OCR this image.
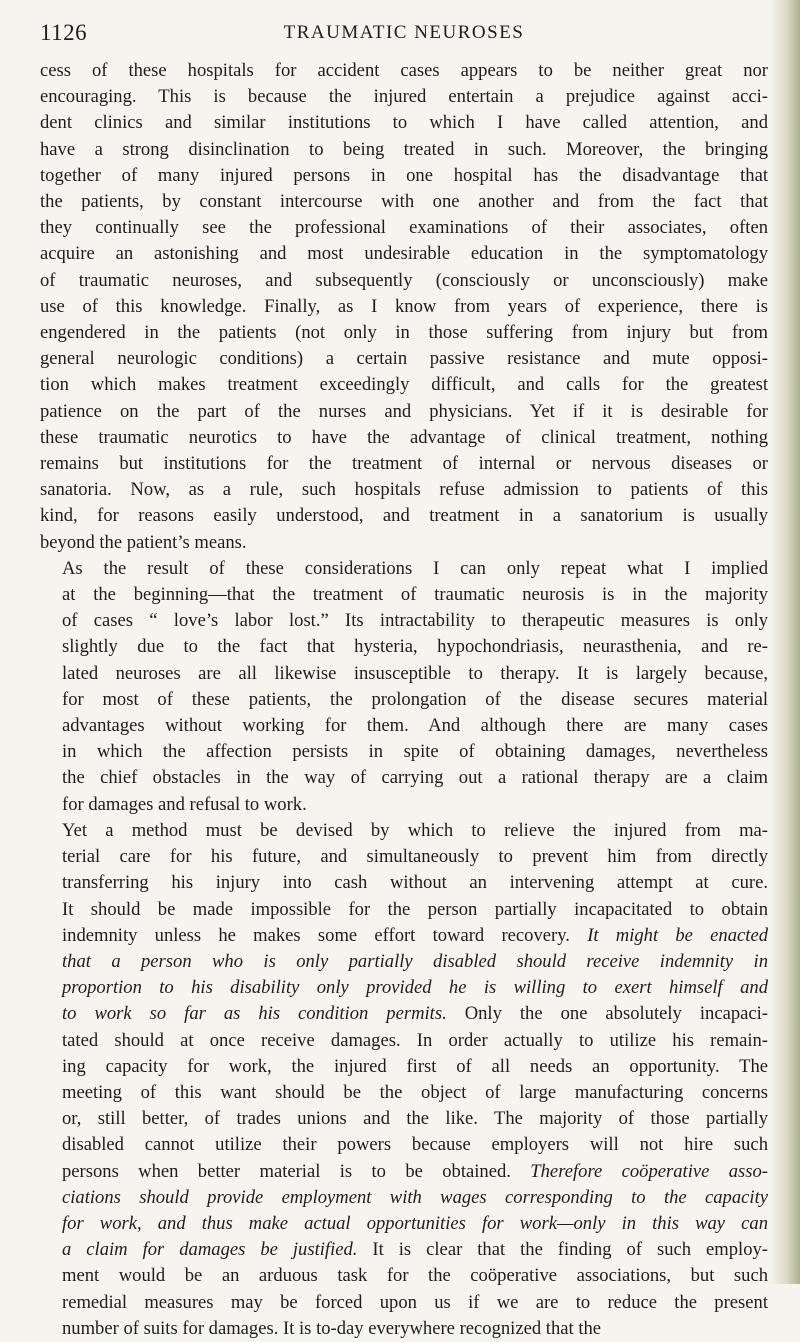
1126	TRAUMATIC NEUROSES

cess of these hospitals for accident cases appears to be neither great nor
encouraging. This is because the injured entertain a prejudice against acci-
dent clinics and similar institutions to which I have called attention, and
have a strong disinclination to being treated in such. Moreover, the bringing
together of many injured persons in one hospital has the disadvantage that
the patients, by constant intercourse with one another and from the fact that
they continually see the professional examinations of their associates, often
acquire an astonishing and most undesirable education in the symptomatology
of traumatic neuroses, and subsequently (consciously or unconsciously) make
use of this knowledge. Finally, as I know from years of experience, there is
engendered in the patients (not only in those suffering from injury but from
general neurologic conditions) a certain passive resistance and mute opposi-
tion which makes treatment exceedingly difficult, and calls for the greatest
patience on the part of the nurses and physicians. Yet if it is desirable for
these traumatic neurotics to have the advantage of clinical treatment, nothing
remains but institutions for the treatment of internal or nervous diseases or
sanatoria. Now, as a rule, such hospitals refuse admission to patients of this
kind, for reasons easily understood, and treatment in a sanatorium is usually
beyond the patient’s means.

As the result of these considerations I can only repeat what I implied
at the beginning—that the treatment of traumatic neurosis is in the majority
of cases “ love’s labor lost.” Its intractability to therapeutic measures is only
slightly due to the fact that hysteria, hypochondriasis, neurasthenia, and re-
lated neuroses are all likewise insusceptible to therapy. It is largely because,
for most of these patients, the prolongation of the disease secures material
advantages without working for them. And although there are many cases
in which the affection persists in spite of obtaining damages, nevertheless
the chief obstacles in the way of carrying out a rational therapy are a claim
for damages and refusal to work.

Yet a method must be devised by which to relieve the injured from ma-
terial care for his future, and simultaneously to prevent him from directly
transferring his injury into cash without an intervening attempt at cure.
It should be made impossible for the person partially incapacitated to obtain
indemnity unless he makes some effort toward recovery. It might be enacted
that a person who is only partially disabled should receive indemnity in
proportion to his disability only provided he is willing to exert himself and
to work so far as his condition permits. Only the one absolutely incapaci-
tated should at once receive damages. In order actually to utilize his remain-
ing capacity for work, the injured first of all needs an opportunity. The
meeting of this want should be the object of large manufacturing concerns
or, still better, of trades unions and the like. The majority of those partially
disabled cannot utilize their powers because employers will not hire such
persons when better material is to be obtained. Therefore coöperative asso-
ciations should provide employment with wages corresponding to the capacity
for work, and thus make actual opportunities for work—only in this way can
a claim for damages be justified. It is clear that the finding of such employ-
ment would be an arduous task for the coöperative associations, but such
remedial measures may be forced upon us if we are to reduce the present
number of suits for damages. It is to-day everywhere recognized that the
